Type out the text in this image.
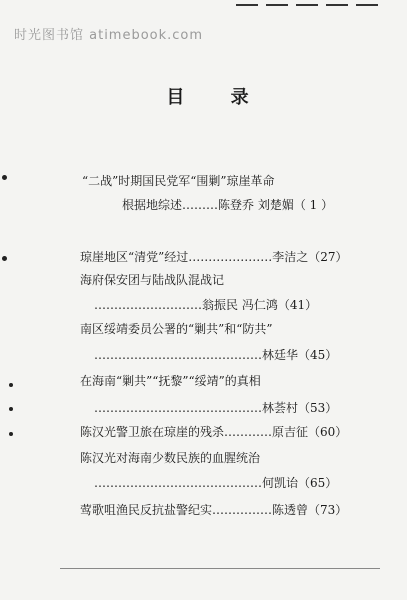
时光图书馆 atimebook.com
目 录
“二战”时期国民党军“围剿”琼崖革命
根据地综述………陈登乔 刘楚媚（ 1 ）
琼崖地区“清党”经过…………………李洁之（27）
海府保安团与陆战队混战记
………………………翁振民 冯仁鸿（41）
南区绥靖委员公署的“剿共”和“防共”
……………………………………林廷华（45）
在海南“剿共”“抚黎”“绥靖”的真相
……………………………………林荟村（53）
陈汉光警卫旅在琼崖的残杀…………原吉征（60）
陈汉光对海南少数民族的血腥统治
……………………………………何凯诒（65）
莺歌咀渔民反抗盐警纪实……………陈透曾（73）
